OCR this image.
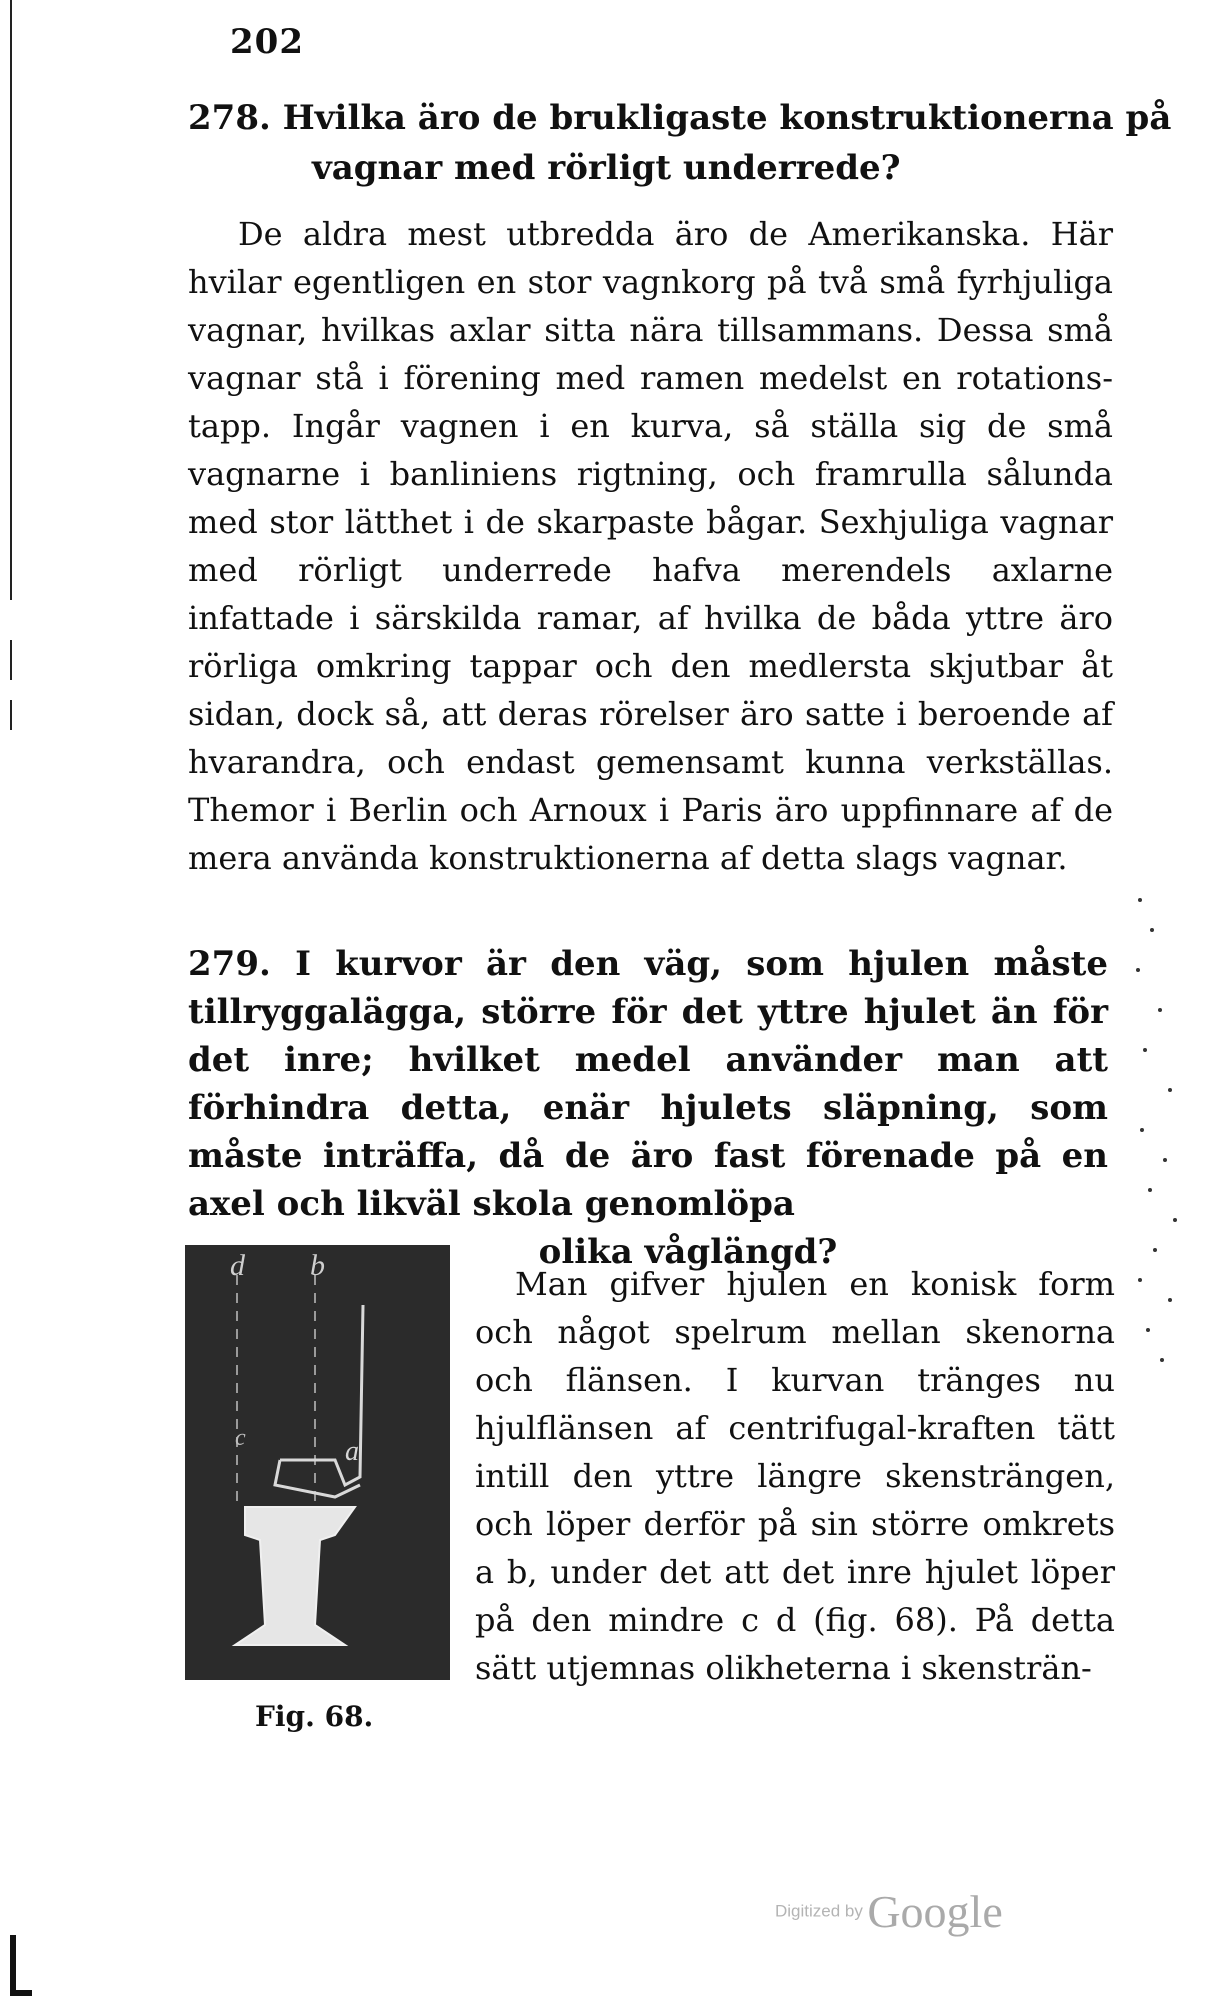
202
278. Hvilka äro de brukligaste konstruktionerna på
vagnar med rörligt underrede?

De aldra mest utbredda äro de Amerikanska. Här hvilar egentligen en stor vagnkorg på två små fyrhjuliga vagnar, hvilkas axlar sitta nära tillsammans. Dessa små vagnar stå i förening med ramen medelst en rotations-tapp. Ingår vagnen i en kurva, så ställa sig de små vagnarne i banliniens rigtning, och framrulla sålunda med stor lätthet i de skarpaste bågar. Sexhjuliga vagnar med rörligt underrede hafva merendels axlarne infattade i särskilda ramar, af hvilka de båda yttre äro rörliga omkring tappar och den medlersta skjutbar åt sidan, dock så, att deras rörelser äro satte i beroende af hvarandra, och endast gemensamt kunna verkställas. Themor i Berlin och Arnoux i Paris äro uppfinnare af de mera använda konstruktionerna af detta slags vagnar.

279. I kurvor är den väg, som hjulen måste tillryggalägga, större för det yttre hjulet än för det inre; hvilket medel använder man att förhindra detta, enär hjulets släpning, som måste inträffa, då de äro fast förenade på en axel och likväl skola genomlöpa
olika våglängd?
d b
c	a
Fig. 68.

Man gifver hjulen en konisk form och något spelrum mellan skenorna och flänsen. I kurvan tränges nu hjulflänsen af centrifugal-kraften tätt intill den yttre längre skensträngen, och löper derför på sin större omkrets a b, under det att det inre hjulet löper på den mindre c d (fig. 68). På detta sätt utjemnas olikheterna i skensträn-

Digitized by Google
